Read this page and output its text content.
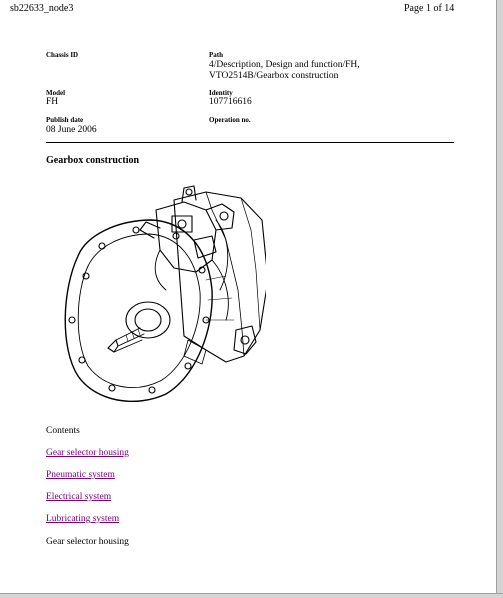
sb22633_node3	Page 1 of 14
Chassis ID	Path
4/Description, Design and function/FH,
VTO2514B/Gearbox construction
Model
FH
Identity
107716616
Publish date
08 June 2006
Operation no.
Gearbox construction
Contents
Gear selector housing
Pneumatic system
Electrical system
Lubricating system
Gear selector housing
